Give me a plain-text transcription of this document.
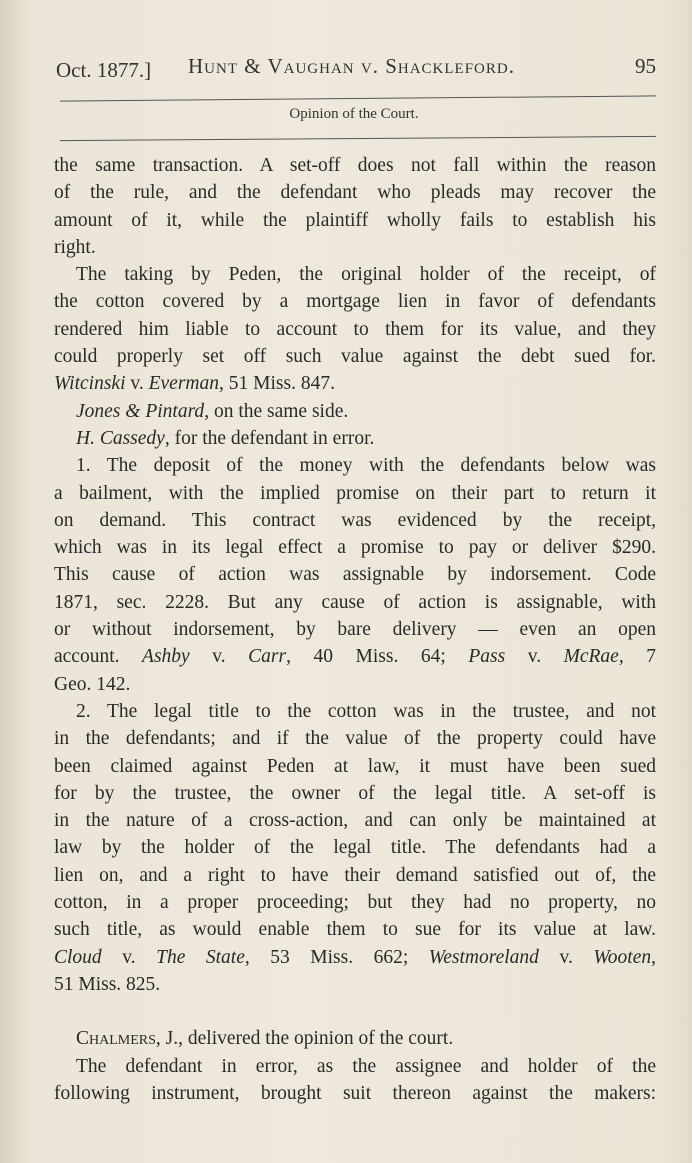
Oct. 1877.] Hunt & Vaughan v. Shackleford.	95
Opinion of the Court.
the same transaction. A set-off does not fall within the reason
of the rule, and the defendant who pleads may recover the
amount of it, while the plaintiff wholly fails to establish his
right.
The taking by Peden, the original holder of the receipt, of
the cotton covered by a mortgage lien in favor of defendants
rendered him liable to account to them for its value, and they
could properly set off such value against the debt sued for.
Witcinski v. Everman, 51 Miss. 847.
Jones & Pintard, on the same side.
H. Cassedy, for the defendant in error.
1. The deposit of the money with the defendants below was
a bailment, with the implied promise on their part to return it
on demand. This contract was evidenced by the receipt,
which was in its legal effect a promise to pay or deliver $290.
This cause of action was assignable by indorsement. Code
1871, sec. 2228. But any cause of action is assignable, with
or without indorsement, by bare delivery — even an open
account. Ashby v. Carr, 40 Miss. 64; Pass v. McRae, 7
Geo. 142.
2. The legal title to the cotton was in the trustee, and not
in the defendants; and if the value of the property could have
been claimed against Peden at law, it must have been sued
for by the trustee, the owner of the legal title. A set-off is
in the nature of a cross-action, and can only be maintained at
law by the holder of the legal title. The defendants had a
lien on, and a right to have their demand satisfied out of, the
cotton, in a proper proceeding; but they had no property, no
such title, as would enable them to sue for its value at law.
Cloud v. The State, 53 Miss. 662; Westmoreland v. Wooten,
51 Miss. 825.
Chalmers, J., delivered the opinion of the court.
The defendant in error, as the assignee and holder of the
following instrument, brought suit thereon against the makers:
